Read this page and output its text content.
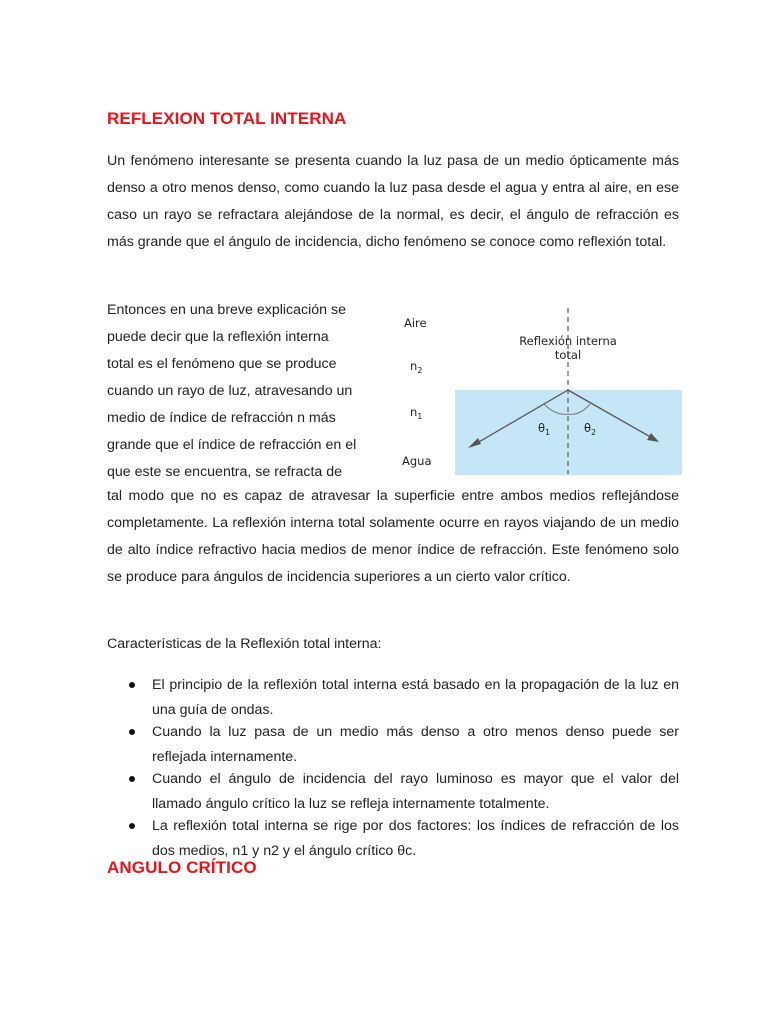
REFLEXION TOTAL INTERNA

Un fenómeno interesante se presenta cuando la luz pasa de un medio ópticamente más denso a otro menos denso, como cuando la luz pasa desde el agua y entra al aire, en ese caso un rayo se refractara alejándose de la normal, es decir, el ángulo de refracción es más grande que el ángulo de incidencia, dicho fenómeno se conoce como reflexión total.

Entonces en una breve explicación se
puede decir que la reflexión interna
total es el fenómeno que se produce
cuando un rayo de luz, atravesando un
medio de índice de refracción n más
grande que el índice de refracción en el
que este se encuentra, se refracta de

Aire
$n_2$
$n_1$
Agua
Reflexión interna
total
$\theta_1$	$\theta_2$

tal modo que no es capaz de atravesar la superficie entre ambos medios reflejándose completamente. La reflexión interna total solamente ocurre en rayos viajando de un medio de alto índice refractivo hacia medios de menor índice de refracción. Este fenómeno solo se produce para ángulos de incidencia superiores a un cierto valor crítico.

Características de la Reflexión total interna:

El principio de la reflexión total interna está basado en la propagación de la luz en una guía de ondas.
Cuando la luz pasa de un medio más denso a otro menos denso puede ser reflejada internamente.
Cuando el ángulo de incidencia del rayo luminoso es mayor que el valor del llamado ángulo crítico la luz se refleja internamente totalmente.
La reflexión total interna se rige por dos factores: los índices de refracción de los dos medios, n1 y n2 y el ángulo crítico θc.
ANGULO CRÍTICO
